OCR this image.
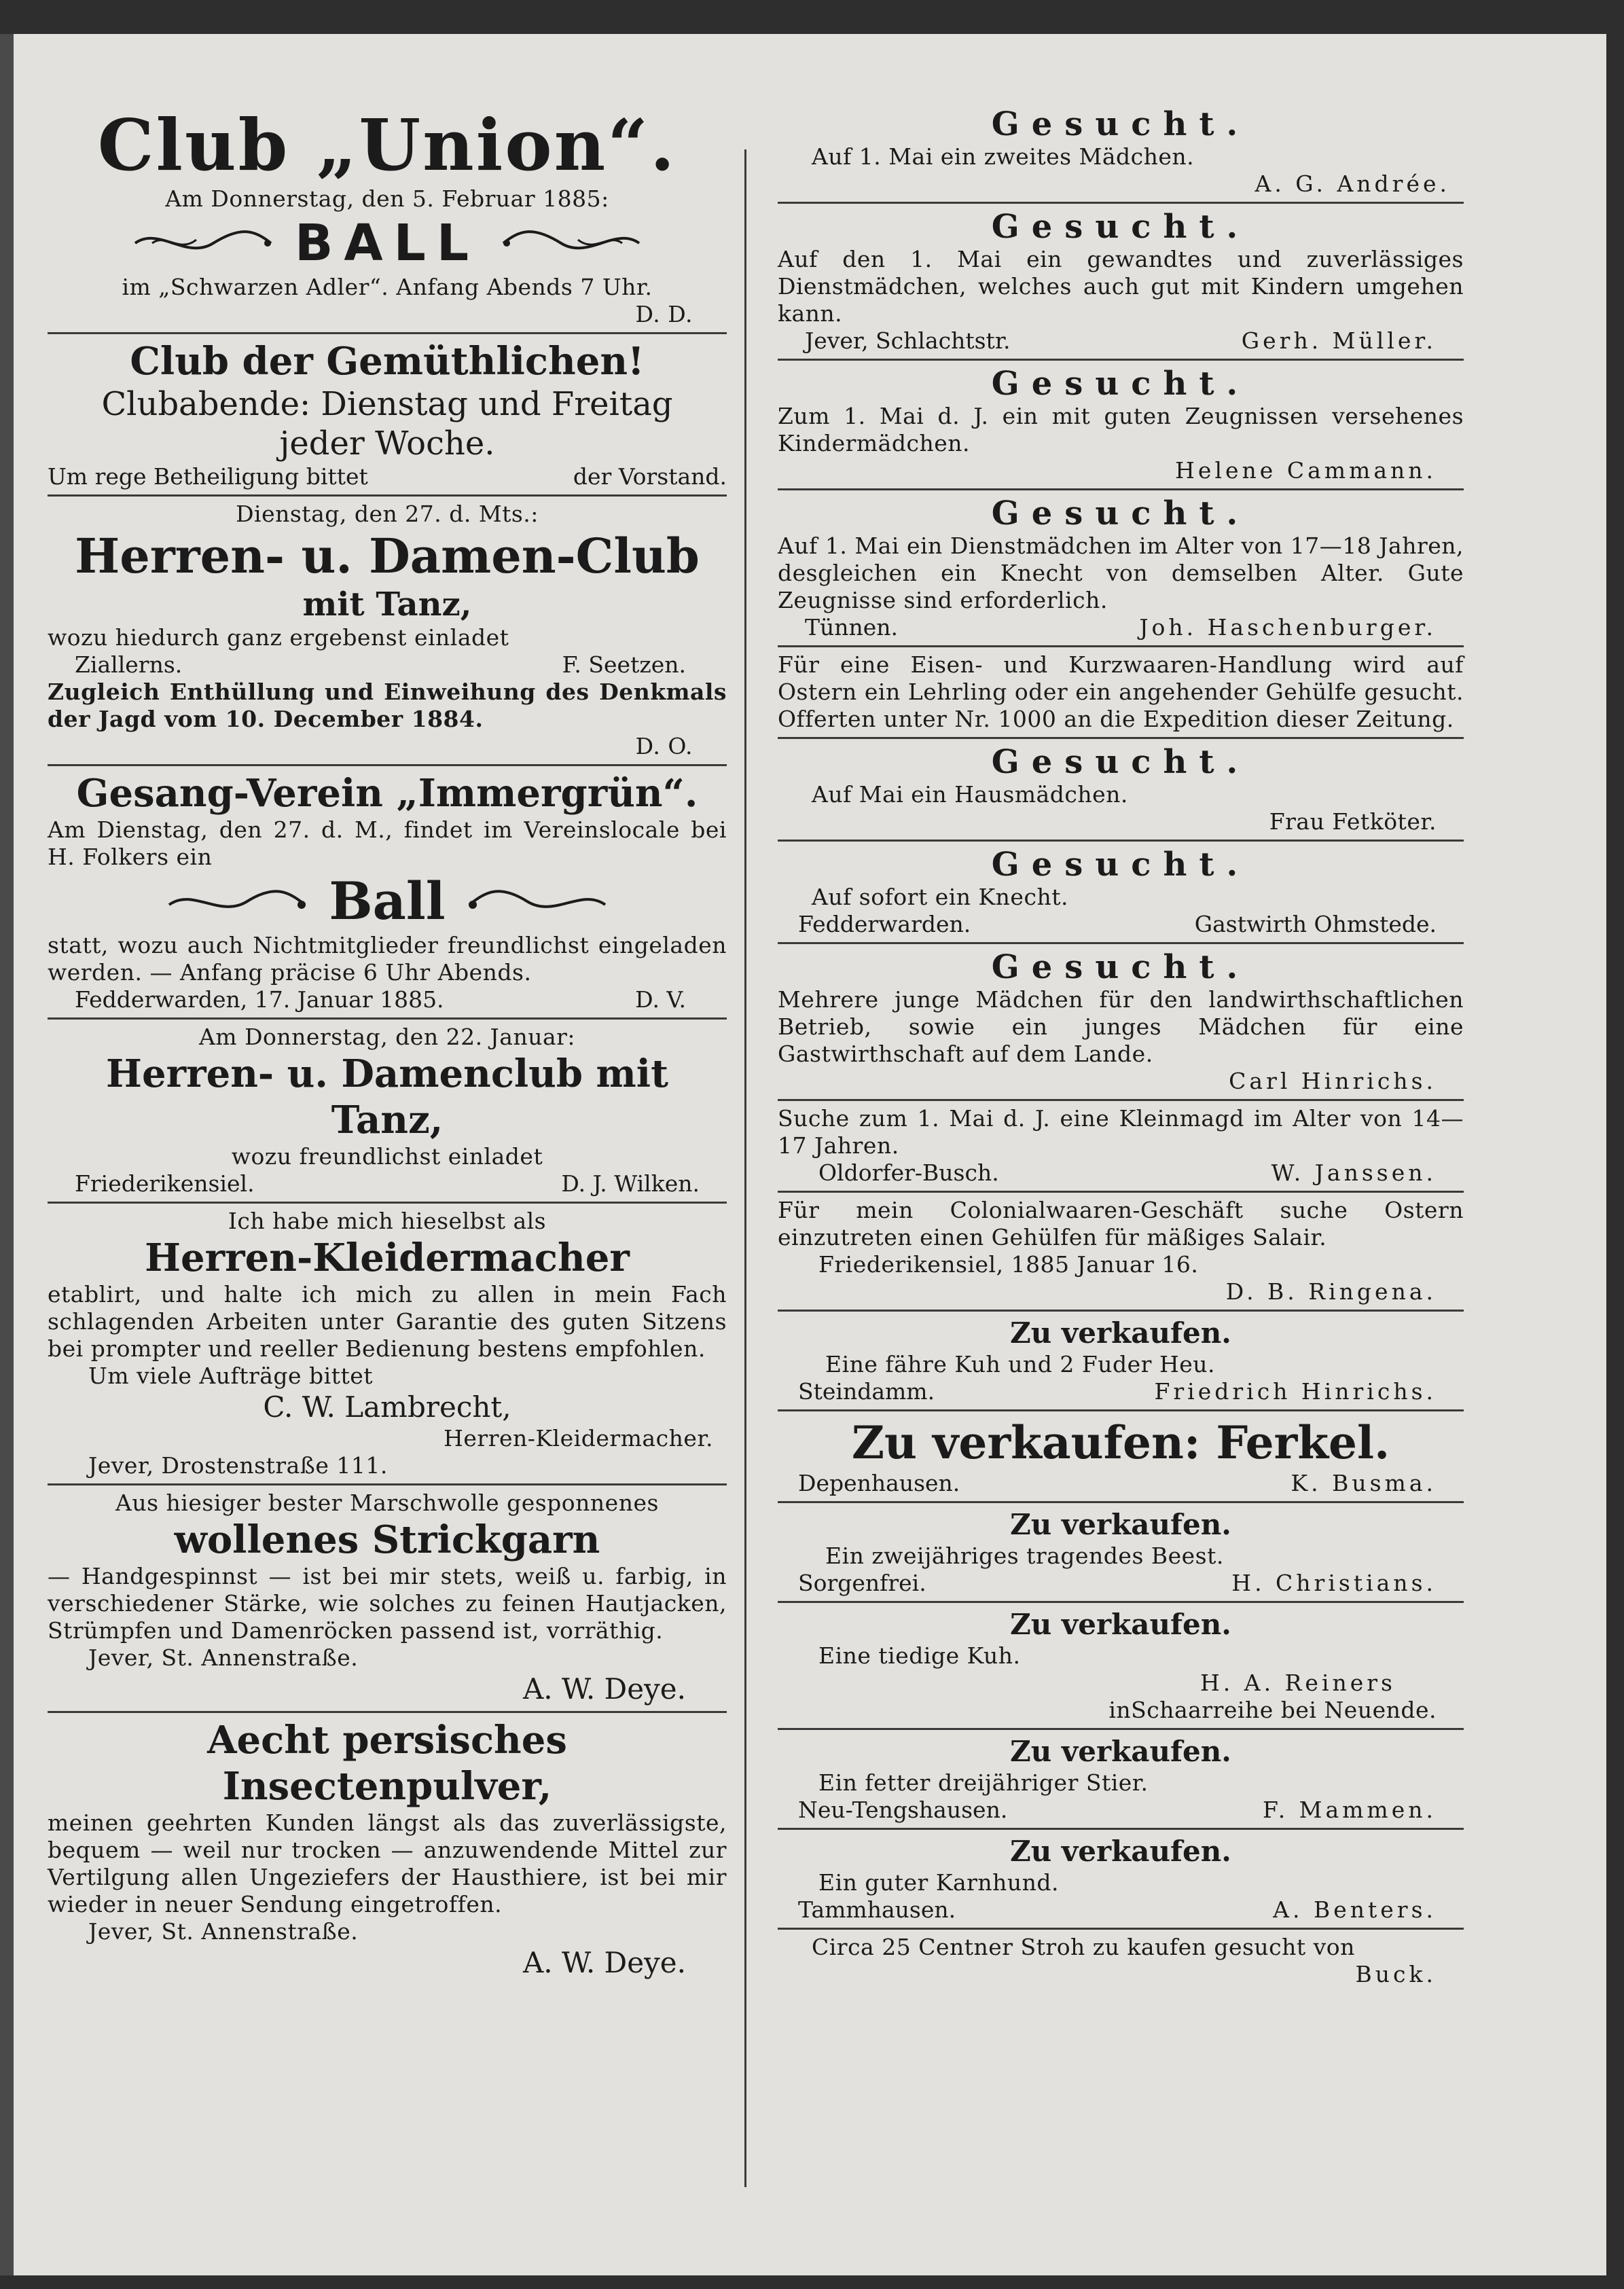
Club „Union“.
Am Donnerstag, den 5. Februar 1885:
BALL
im „Schwarzen Adler“. Anfang Abends 7 Uhr.
D. D.
Club der Gemüthlichen!
Clubabende: Dienstag und Freitag
jeder Woche.
Um rege Betheiligung bittet	der Vorstand.
Dienstag, den 27. d. Mts.:
Herren- u. Damen-Club
mit Tanz,
wozu hiedurch ganz ergebenst einladet
Ziallerns.	F. Seetzen.
Zugleich Enthüllung und Einweihung des Denkmals der Jagd vom 10. December 1884.
D. O.
Gesang-Verein „Immergrün“.
Am Dienstag, den 27. d. M., findet im Vereinslocale bei H. Folkers ein
Ball
statt, wozu auch Nichtmitglieder freundlichst eingeladen werden. — Anfang präcise 6 Uhr Abends.
Fedderwarden, 17. Januar 1885.	D. V.
Am Donnerstag, den 22. Januar:
Herren- u. Damenclub mit Tanz,
wozu freundlichst einladet
Friederikensiel.	D. J. Wilken.
Ich habe mich hieselbst als
Herren-Kleidermacher
etablirt, und halte ich mich zu allen in mein Fach schlagenden Arbeiten unter Garantie des guten Sitzens bei prompter und reeller Bedienung bestens empfohlen.
Um viele Aufträge bittet
C. W. Lambrecht,
Herren-Kleidermacher.
Jever, Drostenstraße 111.
Aus hiesiger bester Marschwolle gesponnenes
wollenes Strickgarn
— Handgespinnst — ist bei mir stets, weiß u. farbig, in verschiedener Stärke, wie solches zu feinen Hautjacken, Strümpfen und Damenröcken passend ist, vorräthig.
Jever, St. Annenstraße.
A. W. Deye.
Aecht persisches Insectenpulver,
meinen geehrten Kunden längst als das zuverlässigste, bequem — weil nur trocken — anzuwendende Mittel zur Vertilgung allen Ungeziefers der Hausthiere, ist bei mir wieder in neuer Sendung eingetroffen.
Jever, St. Annenstraße.
A. W. Deye.
Gesucht.
Auf 1. Mai ein zweites Mädchen.
A. G. Andrée.
Gesucht.
Auf den 1. Mai ein gewandtes und zuverlässiges Dienstmädchen, welches auch gut mit Kindern umgehen kann.
Jever, Schlachtstr.	Gerh. Müller.
Gesucht.
Zum 1. Mai d. J. ein mit guten Zeugnissen versehenes Kindermädchen.
Helene Cammann.
Gesucht.
Auf 1. Mai ein Dienstmädchen im Alter von 17—18 Jahren, desgleichen ein Knecht von demselben Alter. Gute Zeugnisse sind erforderlich.
Tünnen.	Joh. Haschenburger.
Für eine Eisen- und Kurzwaaren-Handlung wird auf Ostern ein Lehrling oder ein angehender Gehülfe gesucht. Offerten unter Nr. 1000 an die Expedition dieser Zeitung.
Gesucht.
Auf Mai ein Hausmädchen.
Frau Fetköter.
Gesucht.
Auf sofort ein Knecht.
Fedderwarden.	Gastwirth Ohmstede.
Gesucht.
Mehrere junge Mädchen für den landwirthschaftlichen Betrieb, sowie ein junges Mädchen für eine Gastwirthschaft auf dem Lande.
Carl Hinrichs.
Suche zum 1. Mai d. J. eine Kleinmagd im Alter von 14—17 Jahren.
Oldorfer-Busch.	W. Janssen.
Für mein Colonialwaaren-Geschäft suche Ostern einzutreten einen Gehülfen für mäßiges Salair.
Friederikensiel, 1885 Januar 16.
D. B. Ringena.
Zu verkaufen.
Eine fähre Kuh und 2 Fuder Heu.
Steindamm.	Friedrich Hinrichs.
Zu verkaufen: Ferkel.
Depenhausen.	K. Busma.
Zu verkaufen.
Ein zweijähriges tragendes Beest.
Sorgenfrei.	H. Christians.
Zu verkaufen.
Eine tiedige Kuh.
H. A. Reiners
inSchaarreihe bei Neuende.
Zu verkaufen.
Ein fetter dreijähriger Stier.
Neu-Tengshausen.	F. Mammen.
Zu verkaufen.
Ein guter Karnhund.
Tammhausen.	A. Benters.
Circa 25 Centner Stroh zu kaufen gesucht von
Buck.
